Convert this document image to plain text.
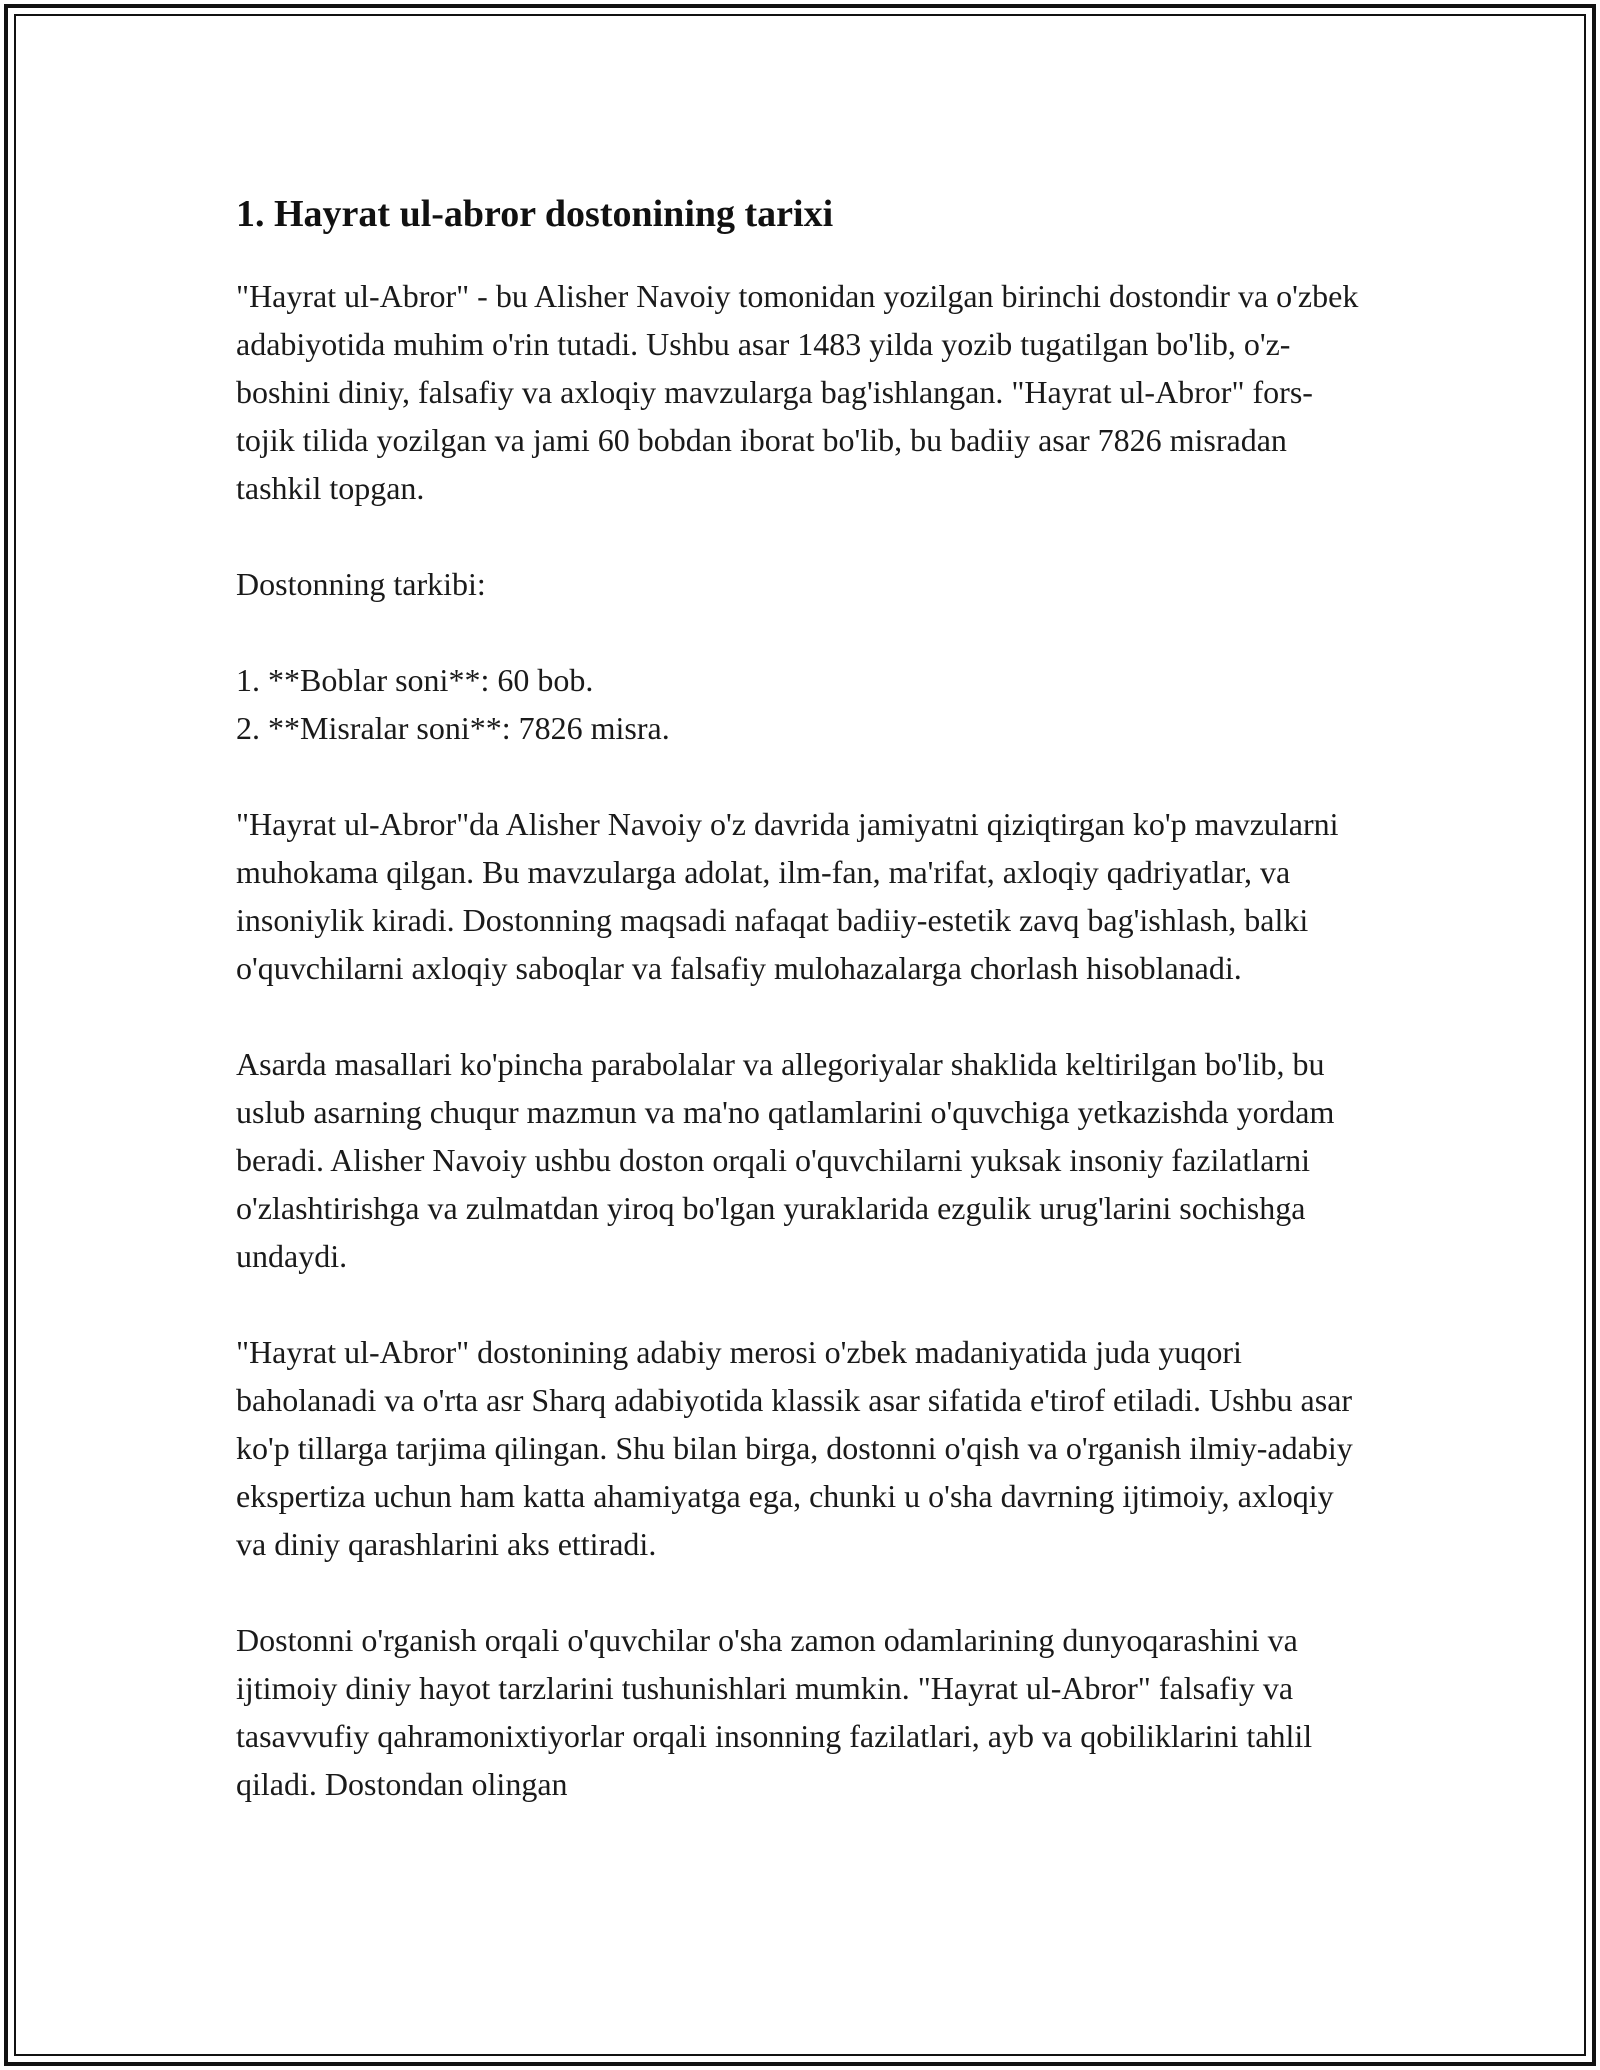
1. Hayrat ul-abror dostonining tarixi

"Hayrat ul-Abror" - bu Alisher Navoiy tomonidan yozilgan birinchi dostondir va o'zbek adabiyotida muhim o'rin tutadi. Ushbu asar 1483 yilda yozib tugatilgan bo'lib, o'z-boshini diniy, falsafiy va axloqiy mavzularga bag'ishlangan. "Hayrat ul-Abror" fors-tojik tilida yozilgan va jami 60 bobdan iborat bo'lib, bu badiiy asar 7826 misradan tashkil topgan.

Dostonning tarkibi:

1. **Boblar soni**: 60 bob.
2. **Misralar soni**: 7826 misra.

"Hayrat ul-Abror"da Alisher Navoiy o'z davrida jamiyatni qiziqtirgan ko'p mavzularni muhokama qilgan. Bu mavzularga adolat, ilm-fan, ma'rifat, axloqiy qadriyatlar, va insoniylik kiradi. Dostonning maqsadi nafaqat badiiy-estetik zavq bag'ishlash, balki o'quvchilarni axloqiy saboqlar va falsafiy mulohazalarga chorlash hisoblanadi.

Asarda masallari ko'pincha parabolalar va allegoriyalar shaklida keltirilgan bo'lib, bu uslub asarning chuqur mazmun va ma'no qatlamlarini o'quvchiga yetkazishda yordam beradi. Alisher Navoiy ushbu doston orqali o'quvchilarni yuksak insoniy fazilatlarni o'zlashtirishga va zulmatdan yiroq bo'lgan yuraklarida ezgulik urug'larini sochishga undaydi.

"Hayrat ul-Abror" dostonining adabiy merosi o'zbek madaniyatida juda yuqori baholanadi va o'rta asr Sharq adabiyotida klassik asar sifatida e'tirof etiladi. Ushbu asar ko'p tillarga tarjima qilingan. Shu bilan birga, dostonni o'qish va o'rganish ilmiy-adabiy ekspertiza uchun ham katta ahamiyatga ega, chunki u o'sha davrning ijtimoiy, axloqiy va diniy qarashlarini aks ettiradi.

Dostonni o'rganish orqali o'quvchilar o'sha zamon odamlarining dunyoqarashini va ijtimoiy diniy hayot tarzlarini tushunishlari mumkin. "Hayrat ul-Abror" falsafiy va tasavvufiy qahramonixtiyorlar orqali insonning fazilatlari, ayb va qobiliklarini tahlil qiladi. Dostondan olingan
